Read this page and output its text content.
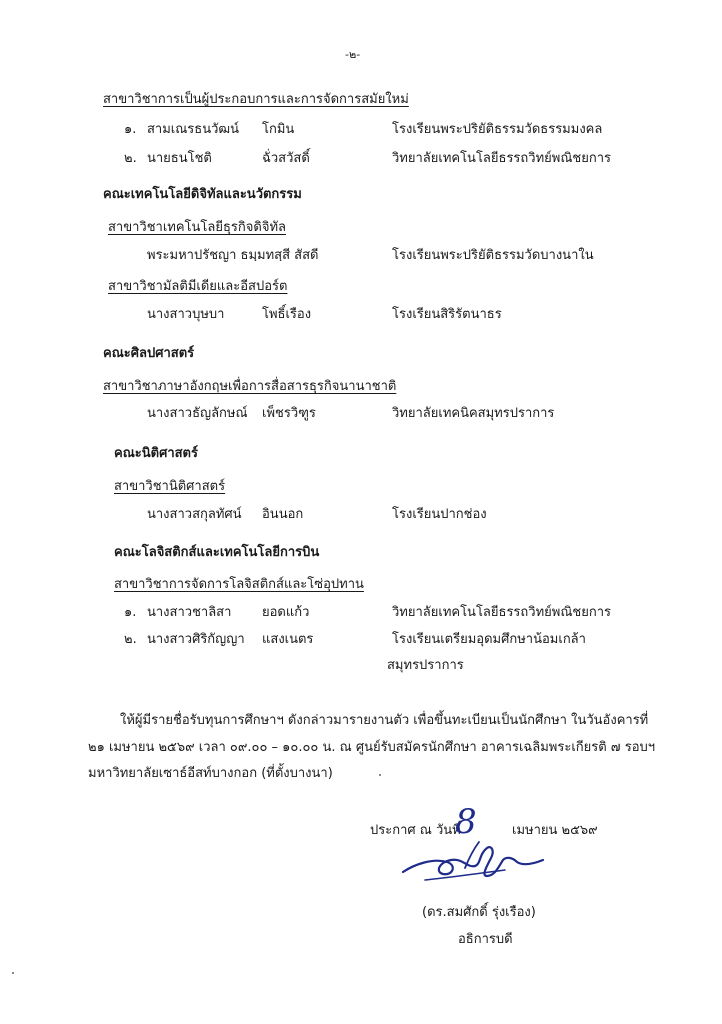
-๒-
สาขาวิชาการเป็นผู้ประกอบการและการจัดการสมัยใหม่
๑. สามเณรธนวัฒน์ โกมิน	โรงเรียนพระปริยัติธรรมวัดธรรมมงคล
๒. นายธนโชติ	ฉั่วสวัสดิ์	วิทยาลัยเทคโนโลยีธรรถวิทย์พณิชยการ
คณะเทคโนโลยีดิจิทัลและนวัตกรรม
สาขาวิชาเทคโนโลยีธุรกิจดิจิทัล
พระมหาปรัชญา ธมฺมทสฺสี สัสดี	โรงเรียนพระปริยัติธรรมวัดบางนาใน
สาขาวิชามัลติมีเดียและอีสปอร์ต
นางสาวบุษบา	โพธิ์เรือง	โรงเรียนสิริรัตนาธร
คณะศิลปศาสตร์
สาขาวิชาภาษาอังกฤษเพื่อการสื่อสารธุรกิจนานาชาติ
นางสาวธัญลักษณ์ เพ็ชรวิฑูร	วิทยาลัยเทคนิคสมุทรปราการ
คณะนิติศาสตร์
สาขาวิชานิติศาสตร์
นางสาวสกุลทัศน์ อินนอก	โรงเรียนปากช่อง
คณะโลจิสติกส์และเทคโนโลยีการบิน
สาขาวิชาการจัดการโลจิสติกส์และโซ่อุปทาน
๑. นางสาวชาลิสา ยอดแก้ว	วิทยาลัยเทคโนโลยีธรรถวิทย์พณิชยการ
๒. นางสาวศิริกัญญา แสงเนตร	โรงเรียนเตรียมอุดมศึกษาน้อมเกล้า
สมุทรปราการ
ให้ผู้มีรายชื่อรับทุนการศึกษาฯ ดังกล่าวมารายงานตัว เพื่อขึ้นทะเบียนเป็นนักศึกษา ในวันอังคารที่
๒๑ เมษายน ๒๕๖๙ เวลา ๐๙.๐๐ – ๑๐.๐๐ น. ณ ศูนย์รับสมัครนักศึกษา อาคารเฉลิมพระเกียรติ ๗ รอบฯ
มหาวิทยาลัยเซาธ์อีสท์บางกอก (ที่ตั้งบางนา)
ประกาศ ณ วันที่
8	เมษายน ๒๕๖๙
(ดร.สมศักดิ์ รุ่งเรือง)
อธิการบดี
